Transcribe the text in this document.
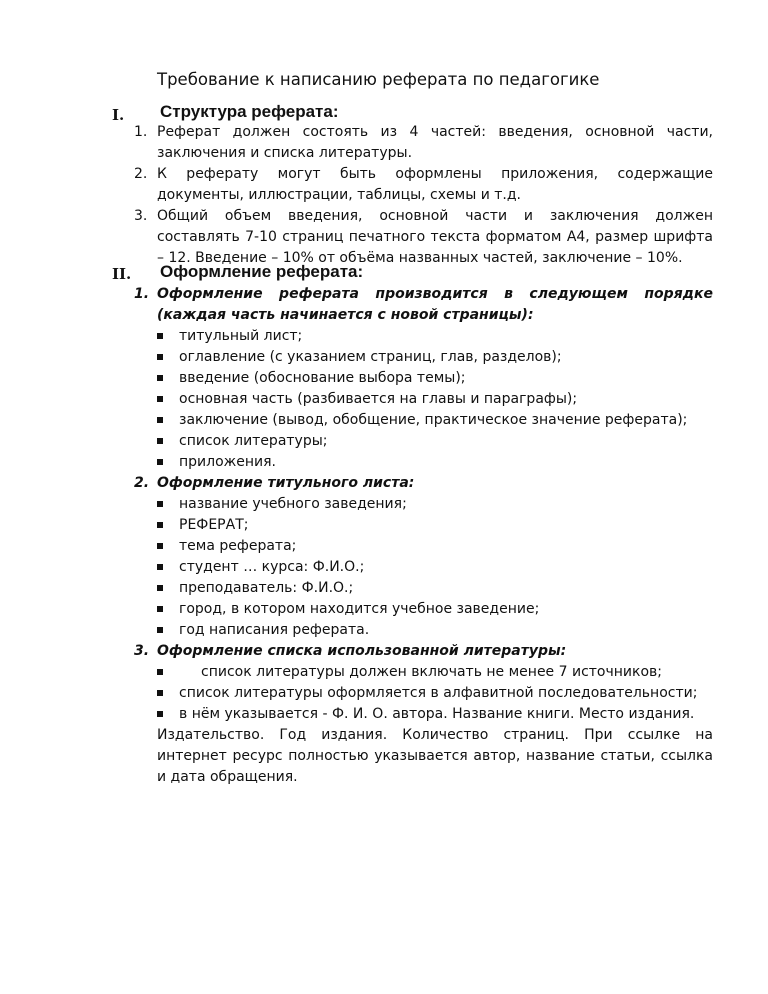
Требование к написанию реферата по педагогике
I. Структура реферата:
1. Реферат должен состоять из 4 частей: введения, основной части,
заключения и списка литературы.
2. К реферату могут быть оформлены приложения, содержащие
документы, иллюстрации, таблицы, схемы и т.д.
3. Общий объем введения, основной части и заключения должен
составлять 7-10 страниц печатного текста форматом А4, размер шрифта
– 12. Введение – 10% от объёма названных частей, заключение – 10%.
II. Оформление реферата:
1. Оформление реферата производится в следующем порядке
(каждая часть начинается с новой страницы):
титульный лист;
оглавление (с указанием страниц, глав, разделов);
введение (обоснование выбора темы);
основная часть (разбивается на главы и параграфы);
заключение (вывод, обобщение, практическое значение реферата);
список литературы;
приложения.
2. Оформление титульного листа:
название учебного заведения;
РЕФЕРАТ;
тема реферата;
студент … курса: Ф.И.О.;
преподаватель: Ф.И.О.;
город, в котором находится учебное заведение;
год написания реферата.
3. Оформление списка использованной литературы:
список литературы должен включать не менее 7 источников;
список литературы оформляется в алфавитной последовательности;
в нём указывается - Ф. И. О. автора. Название книги. Место издания.
Издательство. Год издания. Количество страниц. При ссылке на
интернет ресурс полностью указывается автор, название статьи, ссылка
и дата обращения.
